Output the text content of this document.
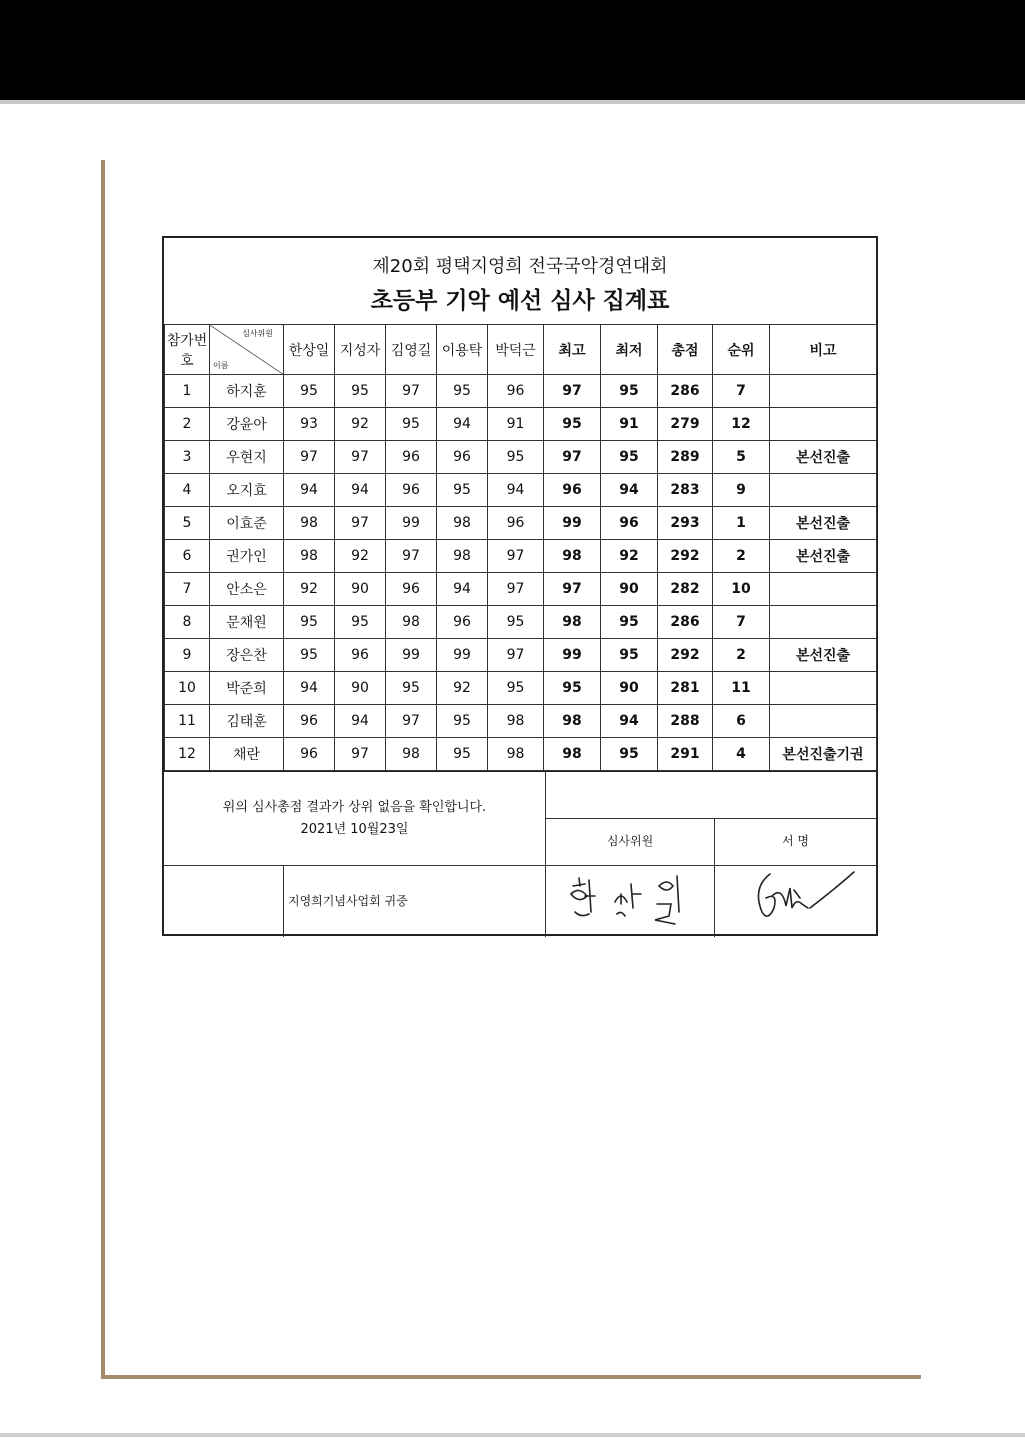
제20회 평택지영희 전국국악경연대회
초등부 기악 예선 심사 집계표
참가번호	심사위원
이름	한상일	지성자	김영길	이용탁	박덕근	최고	최저	총점	순위	비고
1	하지훈	95	95	97	95	96	97	95	286	7	
2	강윤아	93	92	95	94	91	95	91	279	12	
3	우현지	97	97	96	96	95	97	95	289	5	본선진출
4	오지효	94	94	96	95	94	96	94	283	9	
5	이효준	98	97	99	98	96	99	96	293	1	본선진출
6	권가인	98	92	97	98	97	98	92	292	2	본선진출
7	안소은	92	90	96	94	97	97	90	282	10	
8	문채원	95	95	98	96	95	98	95	286	7	
9	장은찬	95	96	99	99	97	99	95	292	2	본선진출
10	박준희	94	90	95	92	95	95	90	281	11	
11	김태훈	96	94	97	95	98	98	94	288	6	
12	채란	96	97	98	95	98	98	95	291	4	본선진출기권
위의 심사총점 결과가 상위 없음을 확인합니다.
2021년 10월23일
심사위원	서 명
지영희기념사업회 귀중
